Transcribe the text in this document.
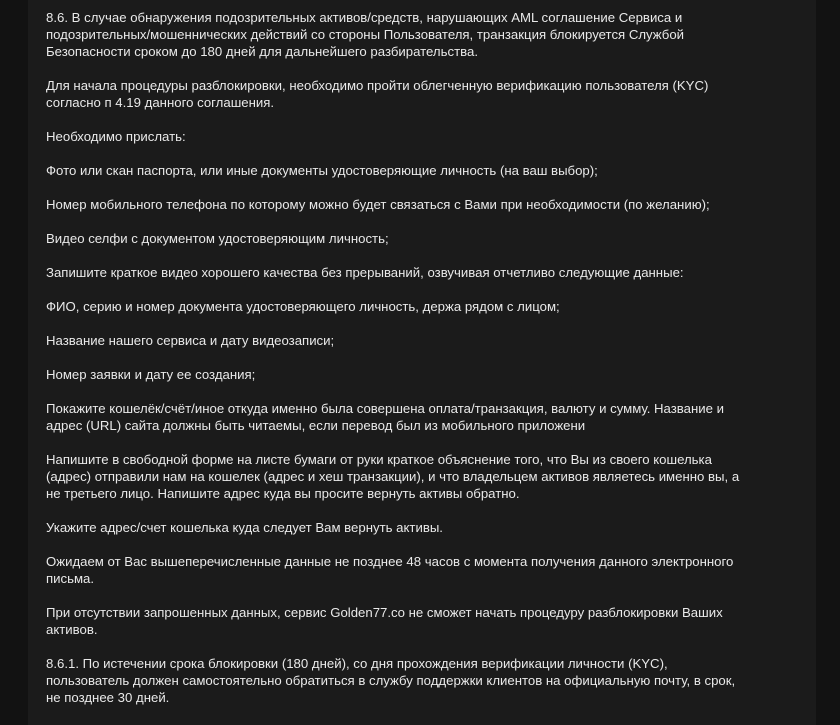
8.6. В случае обнаружения подозрительных активов/средств, нарушающих AML соглашение Сервиса и подозрительных/мошеннических действий со стороны Пользователя, транзакция блокируется Службой Безопасности сроком до 180 дней для дальнейшего разбирательства.

Для начала процедуры разблокировки, необходимо пройти облегченную верификацию пользователя (KYC) согласно п 4.19 данного соглашения.

Необходимо прислать:

Фото или скан паспорта, или иные документы удостоверяющие личность (на ваш выбор);

Номер мобильного телефона по которому можно будет связаться с Вами при необходимости (по желанию);

Видео селфи с документом удостоверяющим личность;

Запишите краткое видео хорошего качества без прерываний, озвучивая отчетливо следующие данные:

ФИО, серию и номер документа удостоверяющего личность, держа рядом с лицом;

Название нашего сервиса и дату видеозаписи;

Номер заявки и дату ее создания;

Покажите кошелёк/счёт/иное откуда именно была совершена оплата/транзакция, валюту и сумму. Название и адрес (URL) сайта должны быть читаемы, если перевод был из мобильного приложени

Напишите в свободной форме на листе бумаги от руки краткое объяснение того, что Вы из своего кошелька (адрес) отправили нам на кошелек (адрес и хеш транзакции), и что владельцем активов являетесь именно вы, а не третьего лицо. Напишите адрес куда вы просите вернуть активы обратно.

Укажите адрес/счет кошелька куда следует Вам вернуть активы.

Ожидаем от Вас вышеперечисленные данные не позднее 48 часов с момента получения данного электронного письма.

При отсутствии запрошенных данных, сервис Golden77.co не сможет начать процедуру разблокировки Ваших активов.

8.6.1. По истечении срока блокировки (180 дней), со дня прохождения верификации личности (KYC), пользователь должен самостоятельно обратиться в службу поддержки клиентов на официальную почту, в срок, не позднее 30 дней.
